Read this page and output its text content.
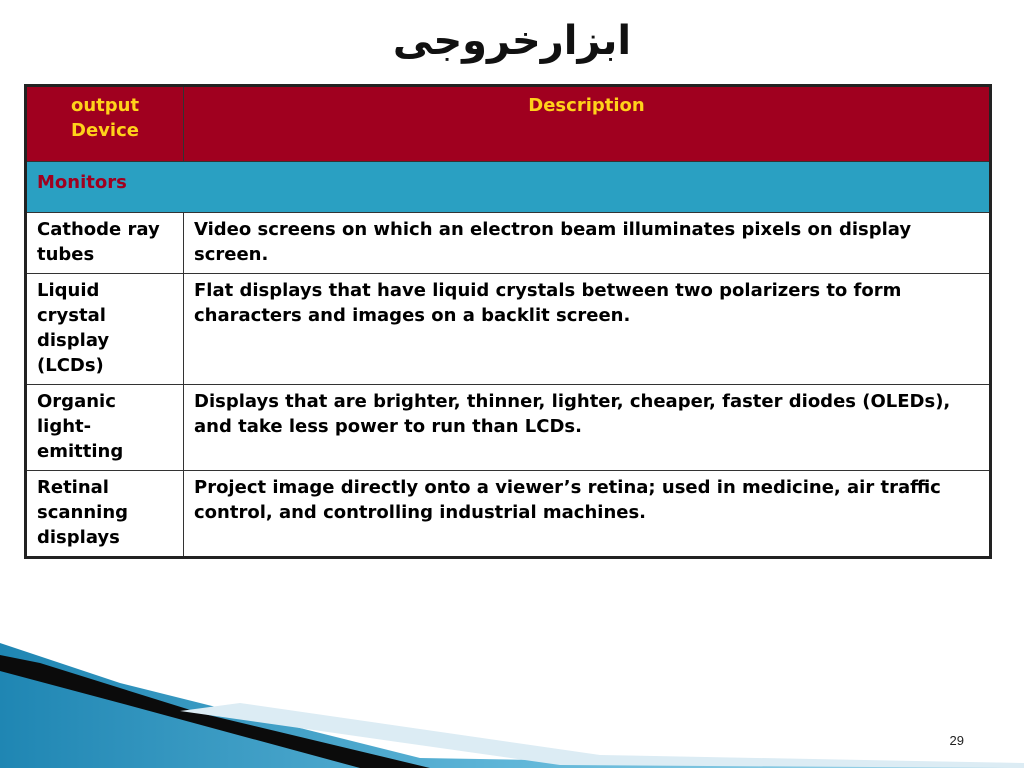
ابزارخروجی
output Device	Description
Monitors	
Cathode ray tubes	Video screens on which an electron beam illuminates pixels on display screen.
Liquid crystal display (LCDs)	Flat displays that have liquid crystals between two polarizers to form characters and images on a backlit screen.
Organic light-emitting	Displays that are brighter, thinner, lighter, cheaper, faster diodes (OLEDs), and take less power to run than LCDs.
Retinal scanning displays	Project image directly onto a viewer’s retina; used in medicine, air traffic control, and controlling industrial machines.
29
